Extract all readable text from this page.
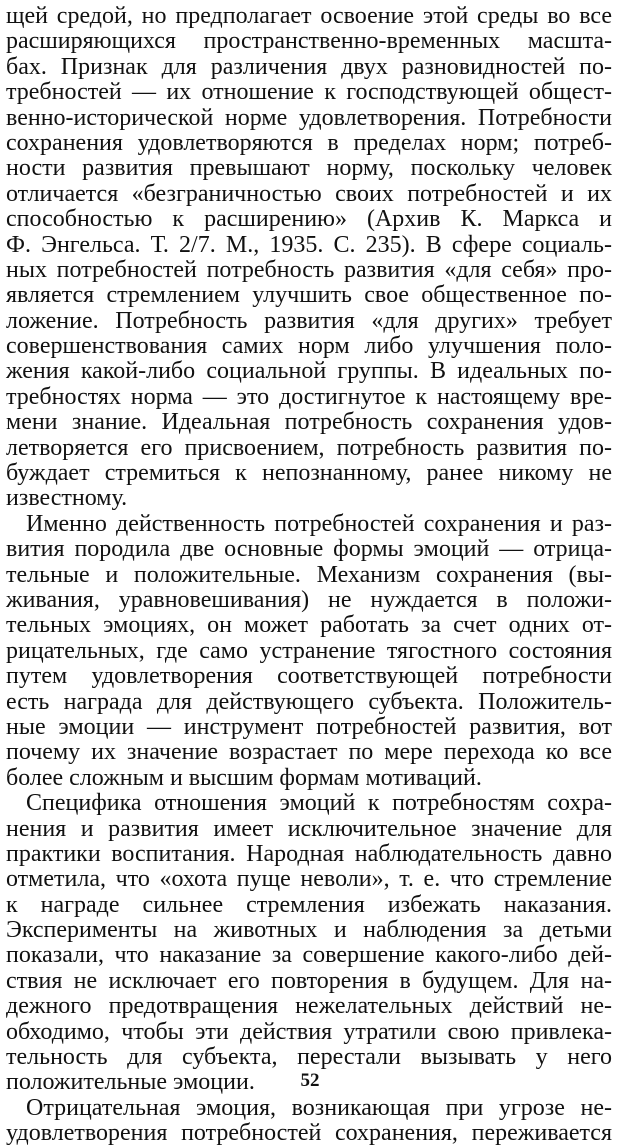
щей средой, но предполагает освоение этой среды во все
расширяющихся пространственно-временных масшта-
бах. Признак для различения двух разновидностей по-
требностей — их отношение к господствующей общест-
венно-исторической норме удовлетворения. Потребности
сохранения удовлетворяются в пределах норм; потреб-
ности развития превышают норму, поскольку человек
отличается «безграничностью своих потребностей и их
способностью к расширению» (Архив К. Маркса и
Ф. Энгельса. Т. 2/7. М., 1935. С. 235). В сфере социаль-
ных потребностей потребность развития «для себя» про-
является стремлением улучшить свое общественное по-
ложение. Потребность развития «для других» требует
совершенствования самих норм либо улучшения поло-
жения какой-либо социальной группы. В идеальных по-
требностях норма — это достигнутое к настоящему вре-
мени знание. Идеальная потребность сохранения удов-
летворяется его присвоением, потребность развития по-
буждает стремиться к непознанному, ранее никому не
известному.
Именно действенность потребностей сохранения и раз-
вития породила две основные формы эмоций — отрица-
тельные и положительные. Механизм сохранения (вы-
живания, уравновешивания) не нуждается в положи-
тельных эмоциях, он может работать за счет одних от-
рицательных, где само устранение тягостного состояния
путем удовлетворения соответствующей потребности
есть награда для действующего субъекта. Положитель-
ные эмоции — инструмент потребностей развития, вот
почему их значение возрастает по мере перехода ко все
более сложным и высшим формам мотиваций.
Специфика отношения эмоций к потребностям сохра-
нения и развития имеет исключительное значение для
практики воспитания. Народная наблюдательность давно
отметила, что «охота пуще неволи», т. е. что стремление
к награде сильнее стремления избежать наказания.
Эксперименты на животных и наблюдения за детьми
показали, что наказание за совершение какого-либо дей-
ствия не исключает его повторения в будущем. Для на-
дежного предотвращения нежелательных действий не-
обходимо, чтобы эти действия утратили свою привлека-
тельность для субъекта, перестали вызывать у него
положительные эмоции.
Отрицательная эмоция, возникающая при угрозе не-
удовлетворения потребностей сохранения, переживается
52
